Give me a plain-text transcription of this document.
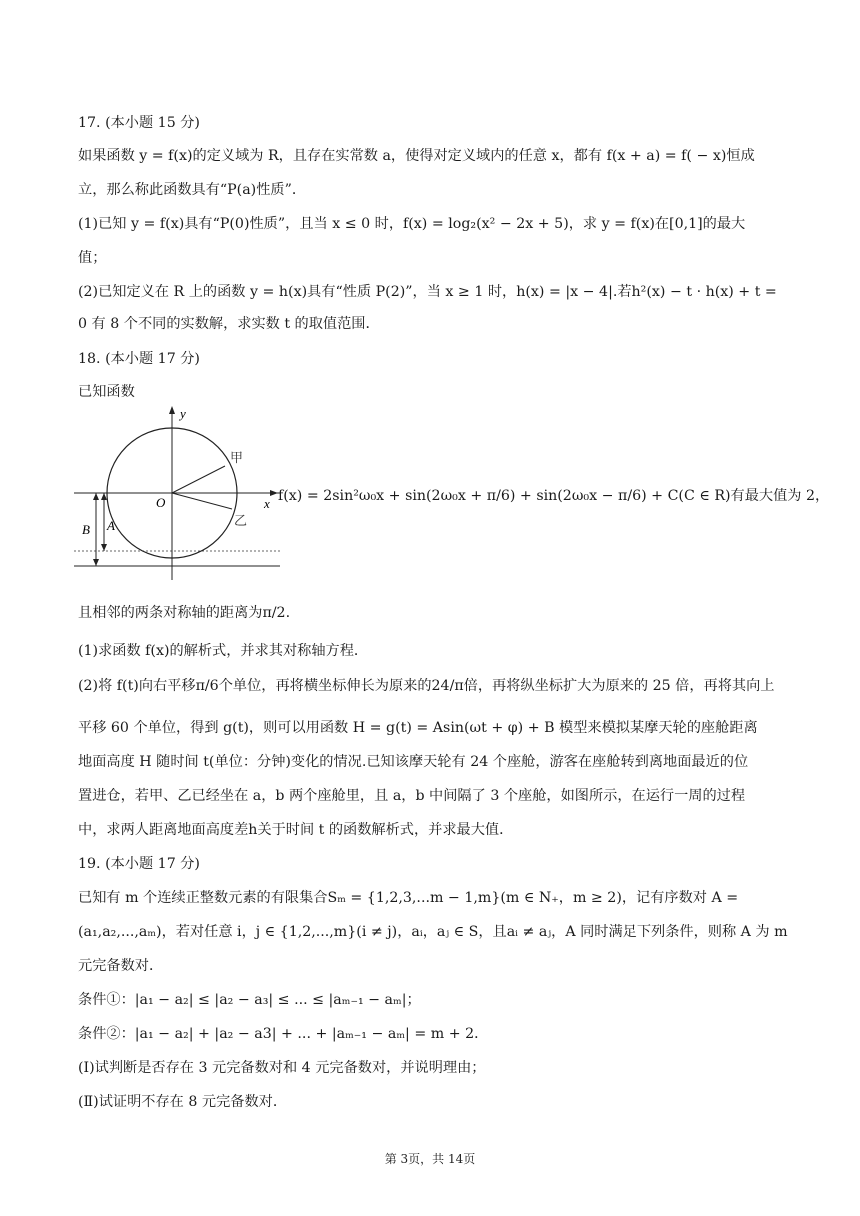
17. (本小题 15 分)

如果函数 y = f(x)的定义域为 R，且存在实常数 a，使得对定义域内的任意 x，都有 f(x + a) = f( − x)恒成

立，那么称此函数具有“P(a)性质”．

(1)已知 y = f(x)具有“P(0)性质”，且当 x ≤ 0 时，f(x) = log₂(x² − 2x + 5)，求 y = f(x)在[0,1]的最大

值；

(2)已知定义在 R 上的函数 y = h(x)具有“性质 P(2)”，当 x ≥ 1 时，h(x) = |x − 4|.若h²(x) − t · h(x) + t =

0 有 8 个不同的实数解，求实数 t 的取值范围．

18. (本小题 17 分)

已知函数

y
x
O
甲
乙
A
B

f(x) = 2sin²ω₀x + sin(2ω₀x + π/6) + sin(2ω₀x − π/6) + C(C ∈ R)有最大值为 2，

且相邻的两条对称轴的距离为π/2.

(1)求函数 f(x)的解析式，并求其对称轴方程．

(2)将 f(t)向右平移π/6个单位，再将横坐标伸长为原来的24/π倍，再将纵坐标扩大为原来的 25 倍，再将其向上

平移 60 个单位，得到 g(t)，则可以用函数 H = g(t) = Asin(ωt + φ) + B 模型来模拟某摩天轮的座舱距离

地面高度 H 随时间 t(单位：分钟)变化的情况.已知该摩天轮有 24 个座舱，游客在座舱转到离地面最近的位

置进仓，若甲、乙已经坐在 a，b 两个座舱里，且 a，b 中间隔了 3 个座舱，如图所示，在运行一周的过程

中，求两人距离地面高度差h关于时间 t 的函数解析式，并求最大值．

19. (本小题 17 分)

已知有 m 个连续正整数元素的有限集合Sₘ = {1,2,3,...m − 1,m}(m ∈ N₊，m ≥ 2)，记有序数对 A =

(a₁,a₂,...,aₘ)，若对任意 i，j ∈ {1,2,...,m}(i ≠ j)，aᵢ，aⱼ ∈ S，且aᵢ ≠ aⱼ，A 同时满足下列条件，则称 A 为 m

元完备数对．

条件①：|a₁ − a₂| ≤ |a₂ − a₃| ≤ ... ≤ |aₘ₋₁ − aₘ|；

条件②：|a₁ − a₂| + |a₂ − a3| + ... + |aₘ₋₁ − aₘ| = m + 2．

(Ⅰ)试判断是否存在 3 元完备数对和 4 元完备数对，并说明理由；

(Ⅱ)试证明不存在 8 元完备数对．

第 3页，共 14页
